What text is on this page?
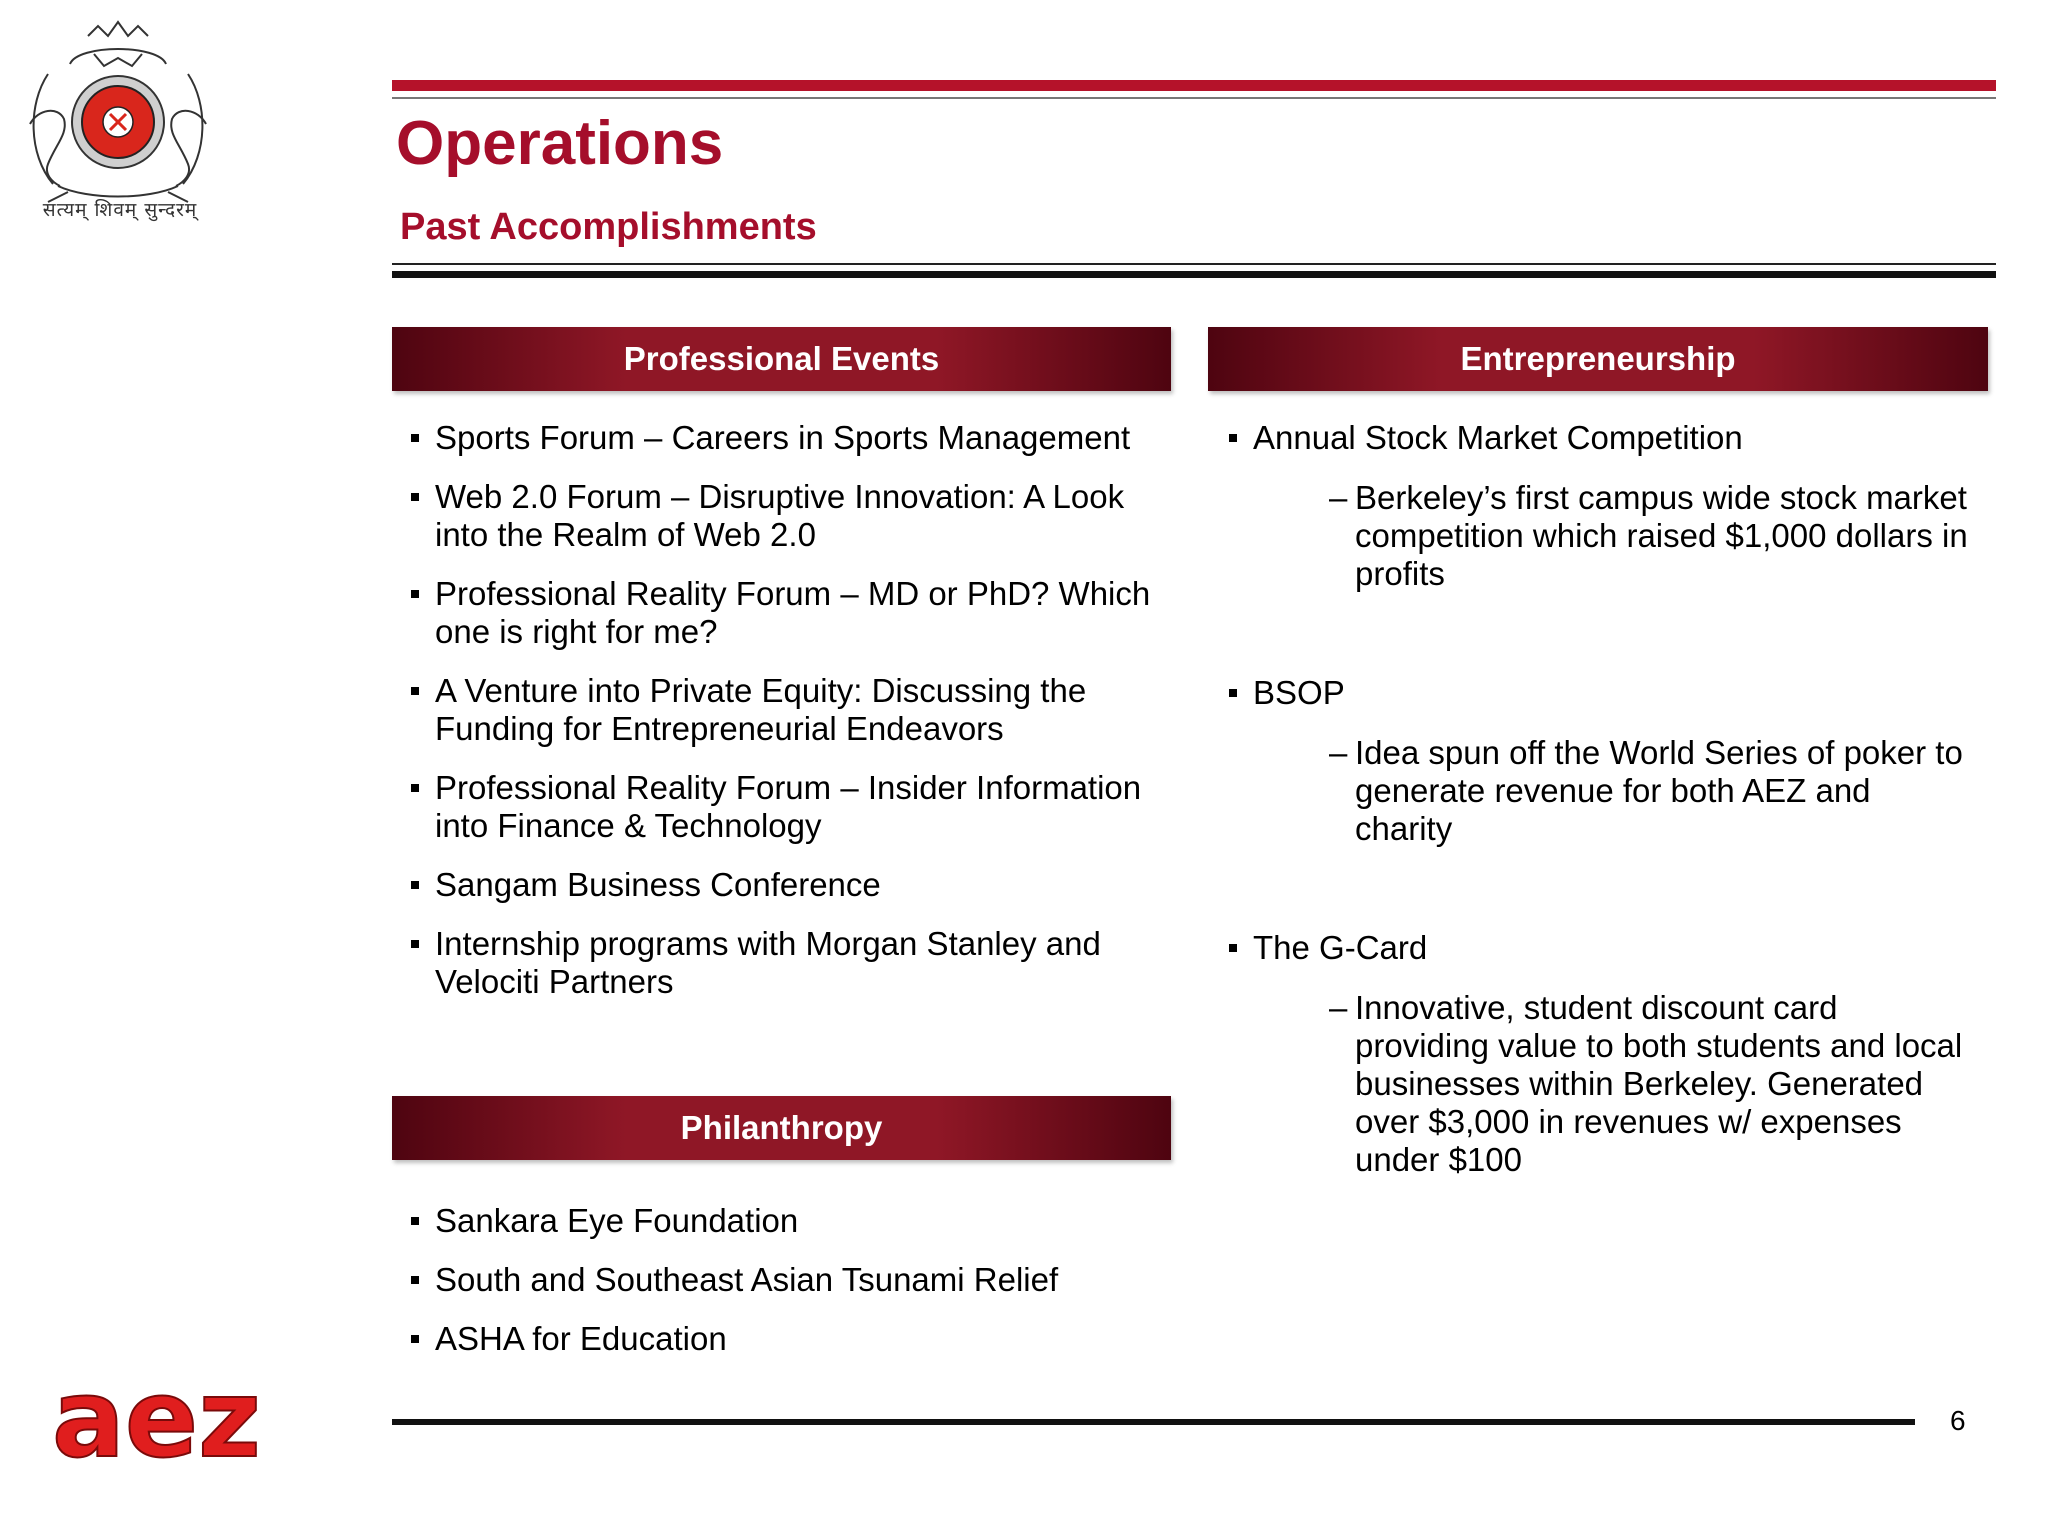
सत्यम् शिवम् सुन्दरम्
Operations
Past Accomplishments
Professional Events
Sports Forum – Careers in Sports Management
Web 2.0 Forum – Disruptive Innovation: A Look into the Realm of Web 2.0
Professional Reality Forum – MD or PhD? Which one is right for me?
A Venture into Private Equity: Discussing the Funding for Entrepreneurial Endeavors
Professional Reality Forum – Insider Information into Finance & Technology
Sangam Business Conference
Internship programs with Morgan Stanley and Velociti Partners
Entrepreneurship
Annual Stock Market Competition
– Berkeley’s first campus wide stock market competition which raised $1,000 dollars in profits
BSOP
– Idea spun off the World Series of poker to generate revenue for both AEZ and charity
The G-Card
– Innovative, student discount card providing value to both students and local businesses within Berkeley. Generated over $3,000 in revenues w/ expenses under $100
Philanthropy
Sankara Eye Foundation
South and Southeast Asian Tsunami Relief
ASHA for Education
aez	6
